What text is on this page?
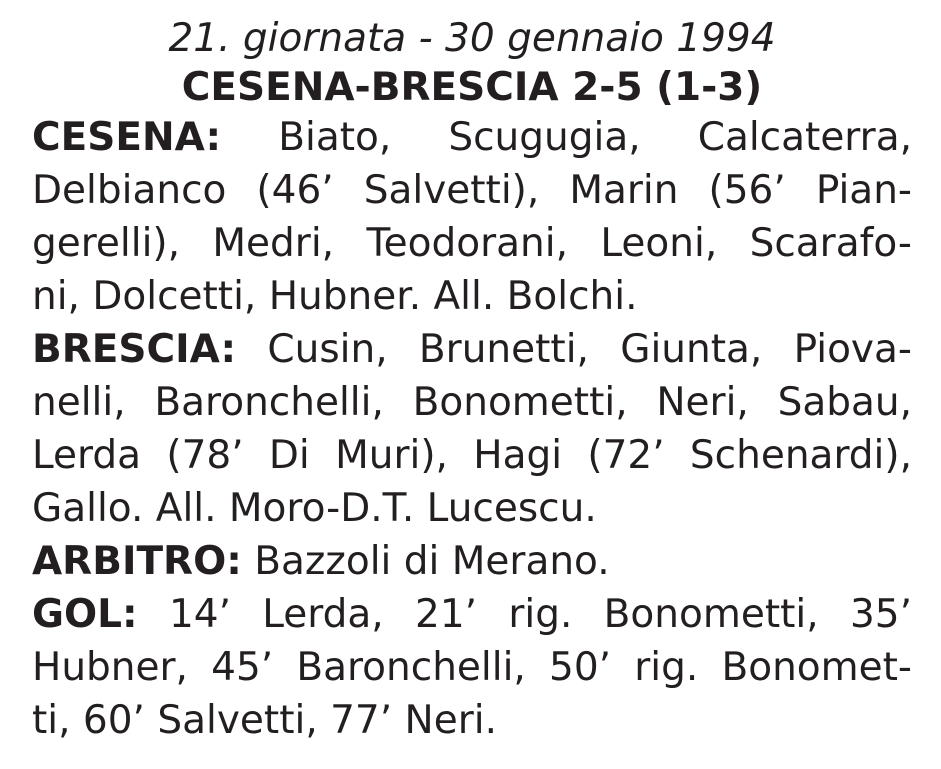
21. giornata - 30 gennaio 1994
CESENA-BRESCIA 2-5 (1-3)
CESENA: Biato, Scugugia, Calcaterra,
Delbianco (46’ Salvetti), Marin (56’ Pian-
gerelli), Medri, Teodorani, Leoni, Scarafo-
ni, Dolcetti, Hubner. All. Bolchi.
BRESCIA: Cusin, Brunetti, Giunta, Piova-
nelli, Baronchelli, Bonometti, Neri, Sabau,
Lerda (78’ Di Muri), Hagi (72’ Schenardi),
Gallo. All. Moro-D.T. Lucescu.
ARBITRO: Bazzoli di Merano.
GOL: 14’ Lerda, 21’ rig. Bonometti, 35’
Hubner, 45’ Baronchelli, 50’ rig. Bonomet-
ti, 60’ Salvetti, 77’ Neri.
